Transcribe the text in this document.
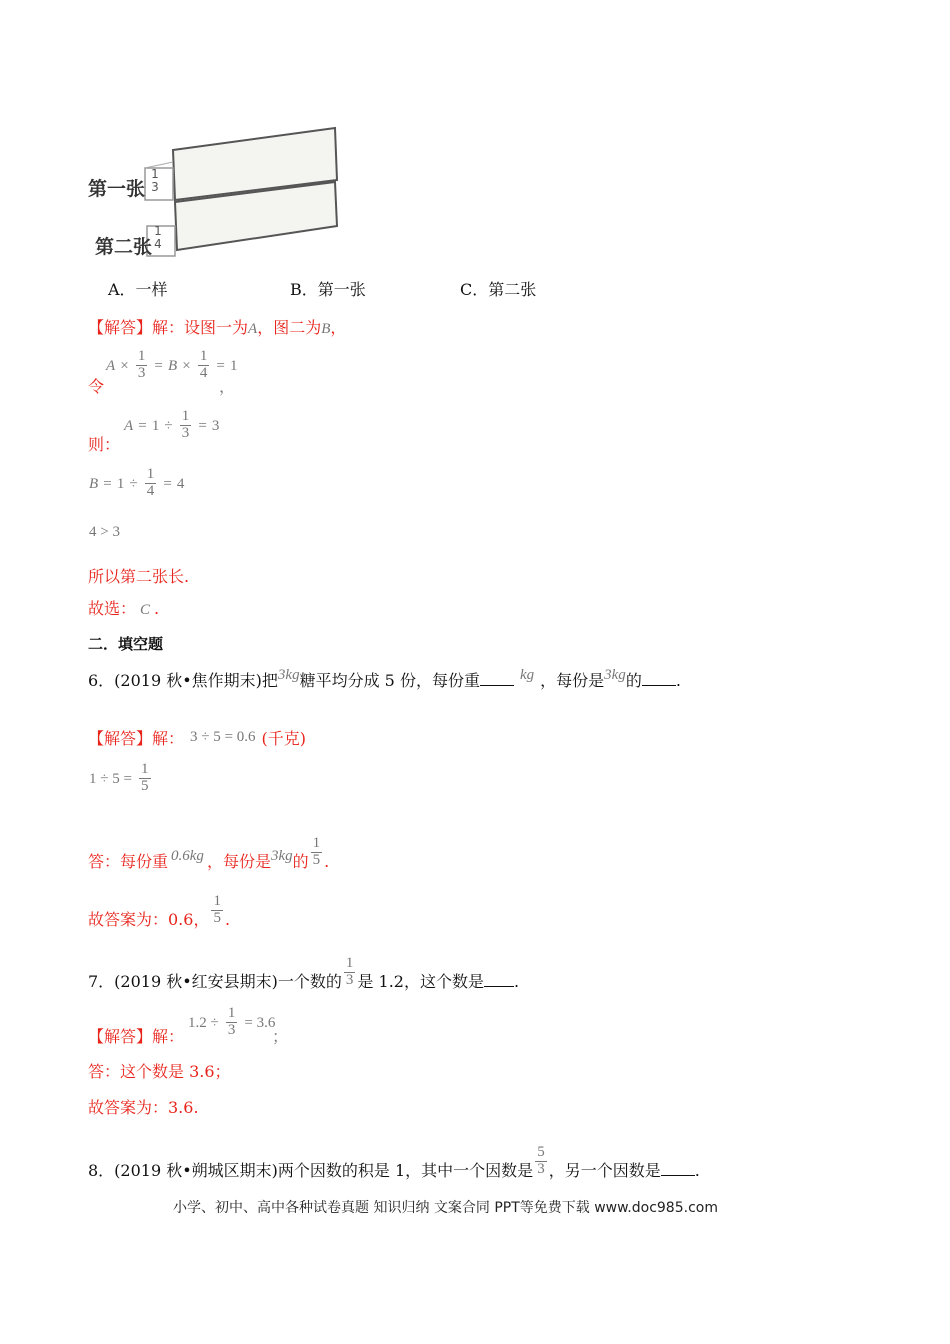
第一张
1
3
第二张
1
4
A．一样	B．第一张	C．第二张
【解答】解：设图一为A，图二为B，
$A \times \frac{1}{3} = B \times \frac{1}{4} = 1$
令	，
则：
$A = 1 \div \frac{1}{3} = 3$
$B = 1 \div \frac{1}{4} = 4$
4 > 3
所以第二张长.
故选： C .
二．填空题
6．(2019 秋•焦作期末)把3kg糖平均分成 5 份，每份重	kg ，每份是3kg的 .
【解答】解： 3 ÷ 5 = 0.6 (千克)
$1 \div 5 = \frac{1}{5}$
答：每份重 0.6kg ，每份是3kg的 $\frac{1}{5}$ .
故答案为：0.6， $\frac{1}{5}$ .
7．(2019 秋•红安县期末)一个数的 $\frac{1}{3}$ 是 1.2，这个数是 .
【解答】解：
$1.2 \div \frac{1}{3} = 3.6$
；
答：这个数是 3.6；
故答案为：3.6.
8．(2019 秋•朔城区期末)两个因数的积是 1，其中一个因数是 $\frac{5}{3}$ ，另一个因数是 .
小学、初中、高中各种试卷真题 知识归纳 文案合同 PPT等免费下载 www.doc985.com
